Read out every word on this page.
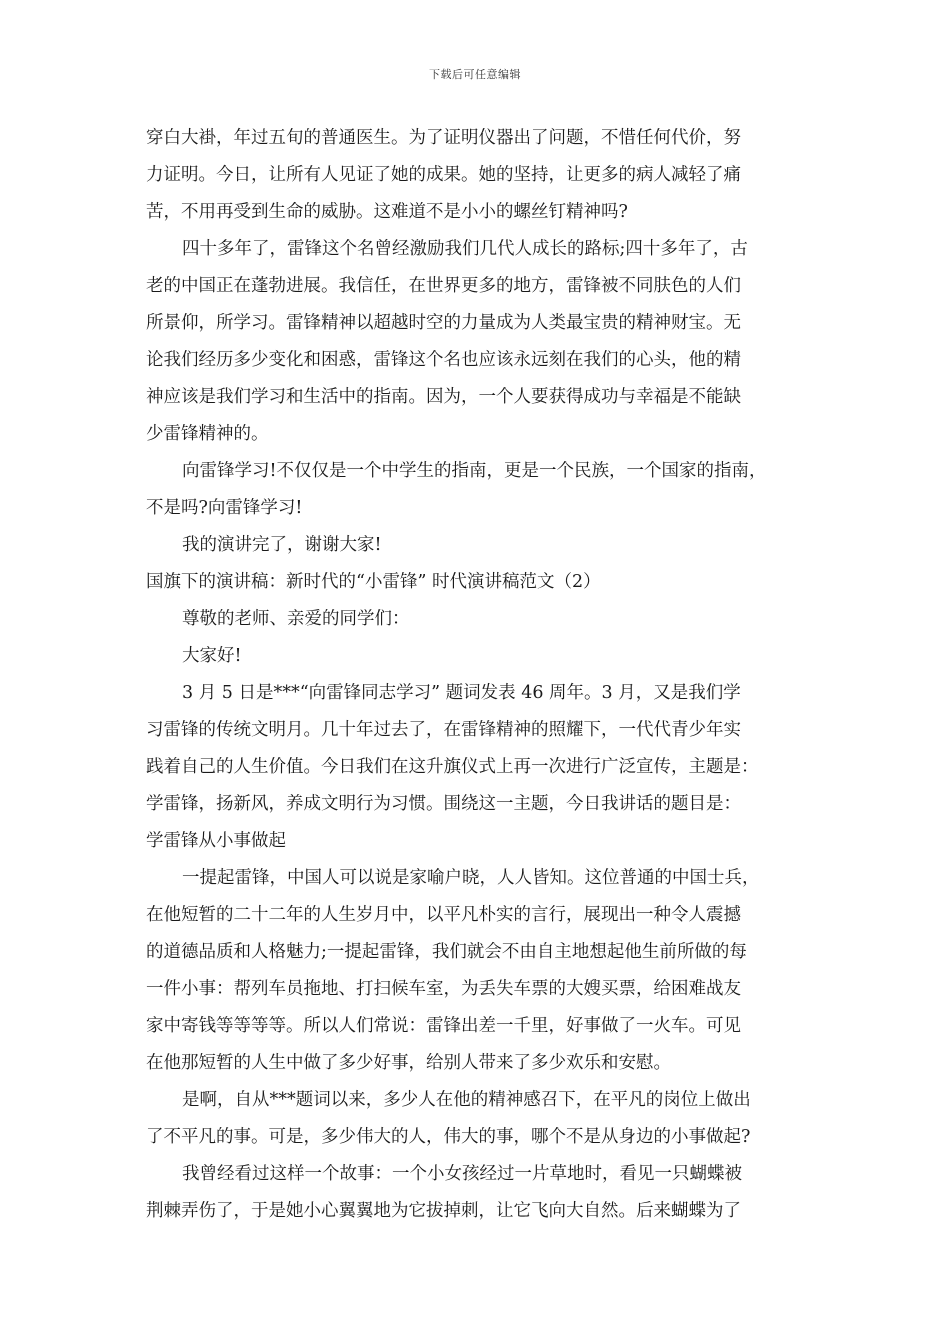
下载后可任意编辑
穿白大褂，年过五旬的普通医生。为了证明仪器出了问题，不惜任何代价，努
力证明。今日，让所有人见证了她的成果。她的坚持，让更多的病人减轻了痛
苦，不用再受到生命的威胁。这难道不是小小的螺丝钉精神吗?
四十多年了，雷锋这个名曾经激励我们几代人成长的路标;四十多年了，古
老的中国正在蓬勃进展。我信任，在世界更多的地方，雷锋被不同肤色的人们
所景仰，所学习。雷锋精神以超越时空的力量成为人类最宝贵的精神财宝。无
论我们经历多少变化和困惑，雷锋这个名也应该永远刻在我们的心头，他的精
神应该是我们学习和生活中的指南。因为，一个人要获得成功与幸福是不能缺
少雷锋精神的。
向雷锋学习!不仅仅是一个中学生的指南，更是一个民族，一个国家的指南，
不是吗?向雷锋学习!
我的演讲完了，谢谢大家!
国旗下的演讲稿：新时代的“小雷锋” 时代演讲稿范文（2）
尊敬的老师、亲爱的同学们：
大家好!
3 月 5 日是***“向雷锋同志学习” 题词发表 46 周年。3 月，又是我们学
习雷锋的传统文明月。几十年过去了，在雷锋精神的照耀下，一代代青少年实
践着自己的人生价值。今日我们在这升旗仪式上再一次进行广泛宣传，主题是：
学雷锋，扬新风，养成文明行为习惯。围绕这一主题，今日我讲话的题目是：
学雷锋从小事做起
一提起雷锋，中国人可以说是家喻户晓，人人皆知。这位普通的中国士兵，
在他短暂的二十二年的人生岁月中，以平凡朴实的言行，展现出一种令人震撼
的道德品质和人格魅力;一提起雷锋，我们就会不由自主地想起他生前所做的每
一件小事：帮列车员拖地、打扫候车室，为丢失车票的大嫂买票，给困难战友
家中寄钱等等等等。所以人们常说：雷锋出差一千里，好事做了一火车。可见
在他那短暂的人生中做了多少好事，给别人带来了多少欢乐和安慰。
是啊，自从***题词以来，多少人在他的精神感召下，在平凡的岗位上做出
了不平凡的事。可是，多少伟大的人，伟大的事，哪个不是从身边的小事做起?
我曾经看过这样一个故事：一个小女孩经过一片草地时，看见一只蝴蝶被
荆棘弄伤了，于是她小心翼翼地为它拔掉刺，让它飞向大自然。后来蝴蝶为了
